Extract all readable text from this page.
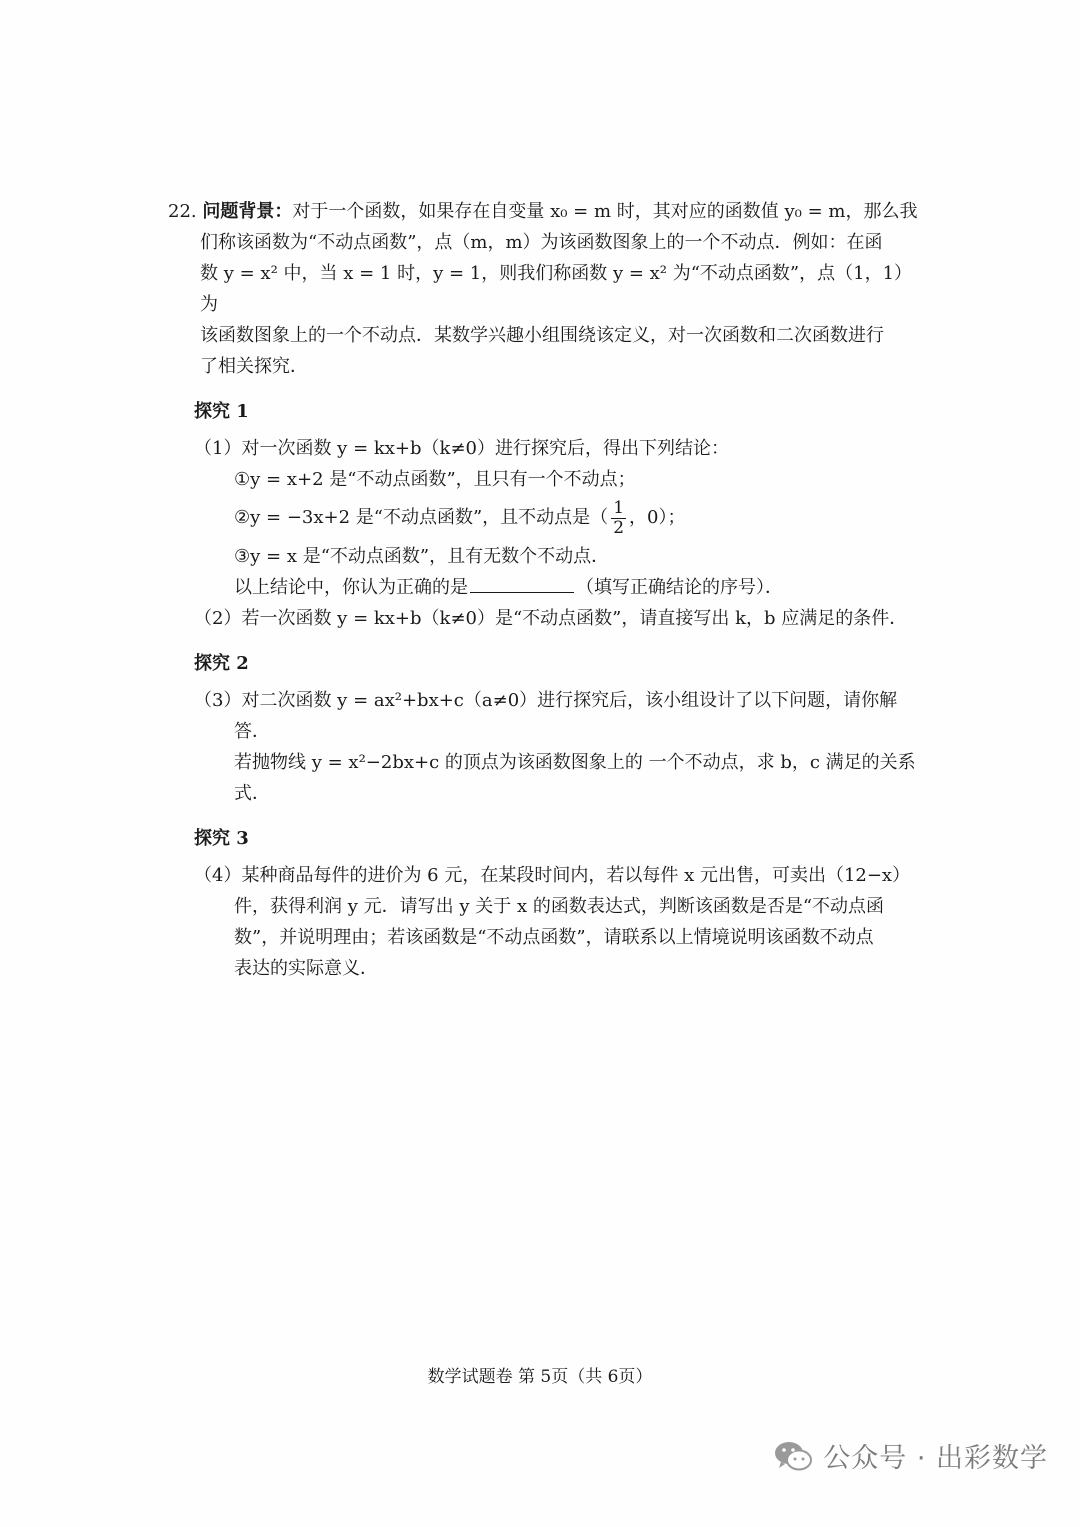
22. 问题背景：对于一个函数，如果存在自变量 x₀ = m 时，其对应的函数值 y₀ = m，那么我
们称该函数为“不动点函数”，点（m，m）为该函数图象上的一个不动点．例如：在函
数 y = x² 中，当 x = 1 时，y = 1，则我们称函数 y = x² 为“不动点函数”，点（1，1）为
该函数图象上的一个不动点．某数学兴趣小组围绕该定义，对一次函数和二次函数进行
了相关探究．
探究 1
（1）对一次函数 y = kx+b（k≠0）进行探究后，得出下列结论：
①y = x+2 是“不动点函数”，且只有一个不动点；
②y = −3x+2 是“不动点函数”，且不动点是（ $\frac{1}{2}$ ，0）；
③y = x 是“不动点函数”，且有无数个不动点．
以上结论中，你认为正确的是	（填写正确结论的序号）．
（2）若一次函数 y = kx+b（k≠0）是“不动点函数”，请直接写出 k，b 应满足的条件．
探究 2
（3）对二次函数 y = ax²+bx+c（a≠0）进行探究后，该小组设计了以下问题，请你解答．
若抛物线 y = x²−2bx+c 的顶点为该函数图象上的 一个不动点，求 b，c 满足的关系式．
探究 3
（4）某种商品每件的进价为 6 元，在某段时间内，若以每件 x 元出售，可卖出（12−x）
件，获得利润 y 元．请写出 y 关于 x 的函数表达式，判断该函数是否是“不动点函
数”，并说明理由；若该函数是“不动点函数”，请联系以上情境说明该函数不动点
表达的实际意义．
数学试题卷 第 5页（共 6页）
公众号 · 出彩数学
